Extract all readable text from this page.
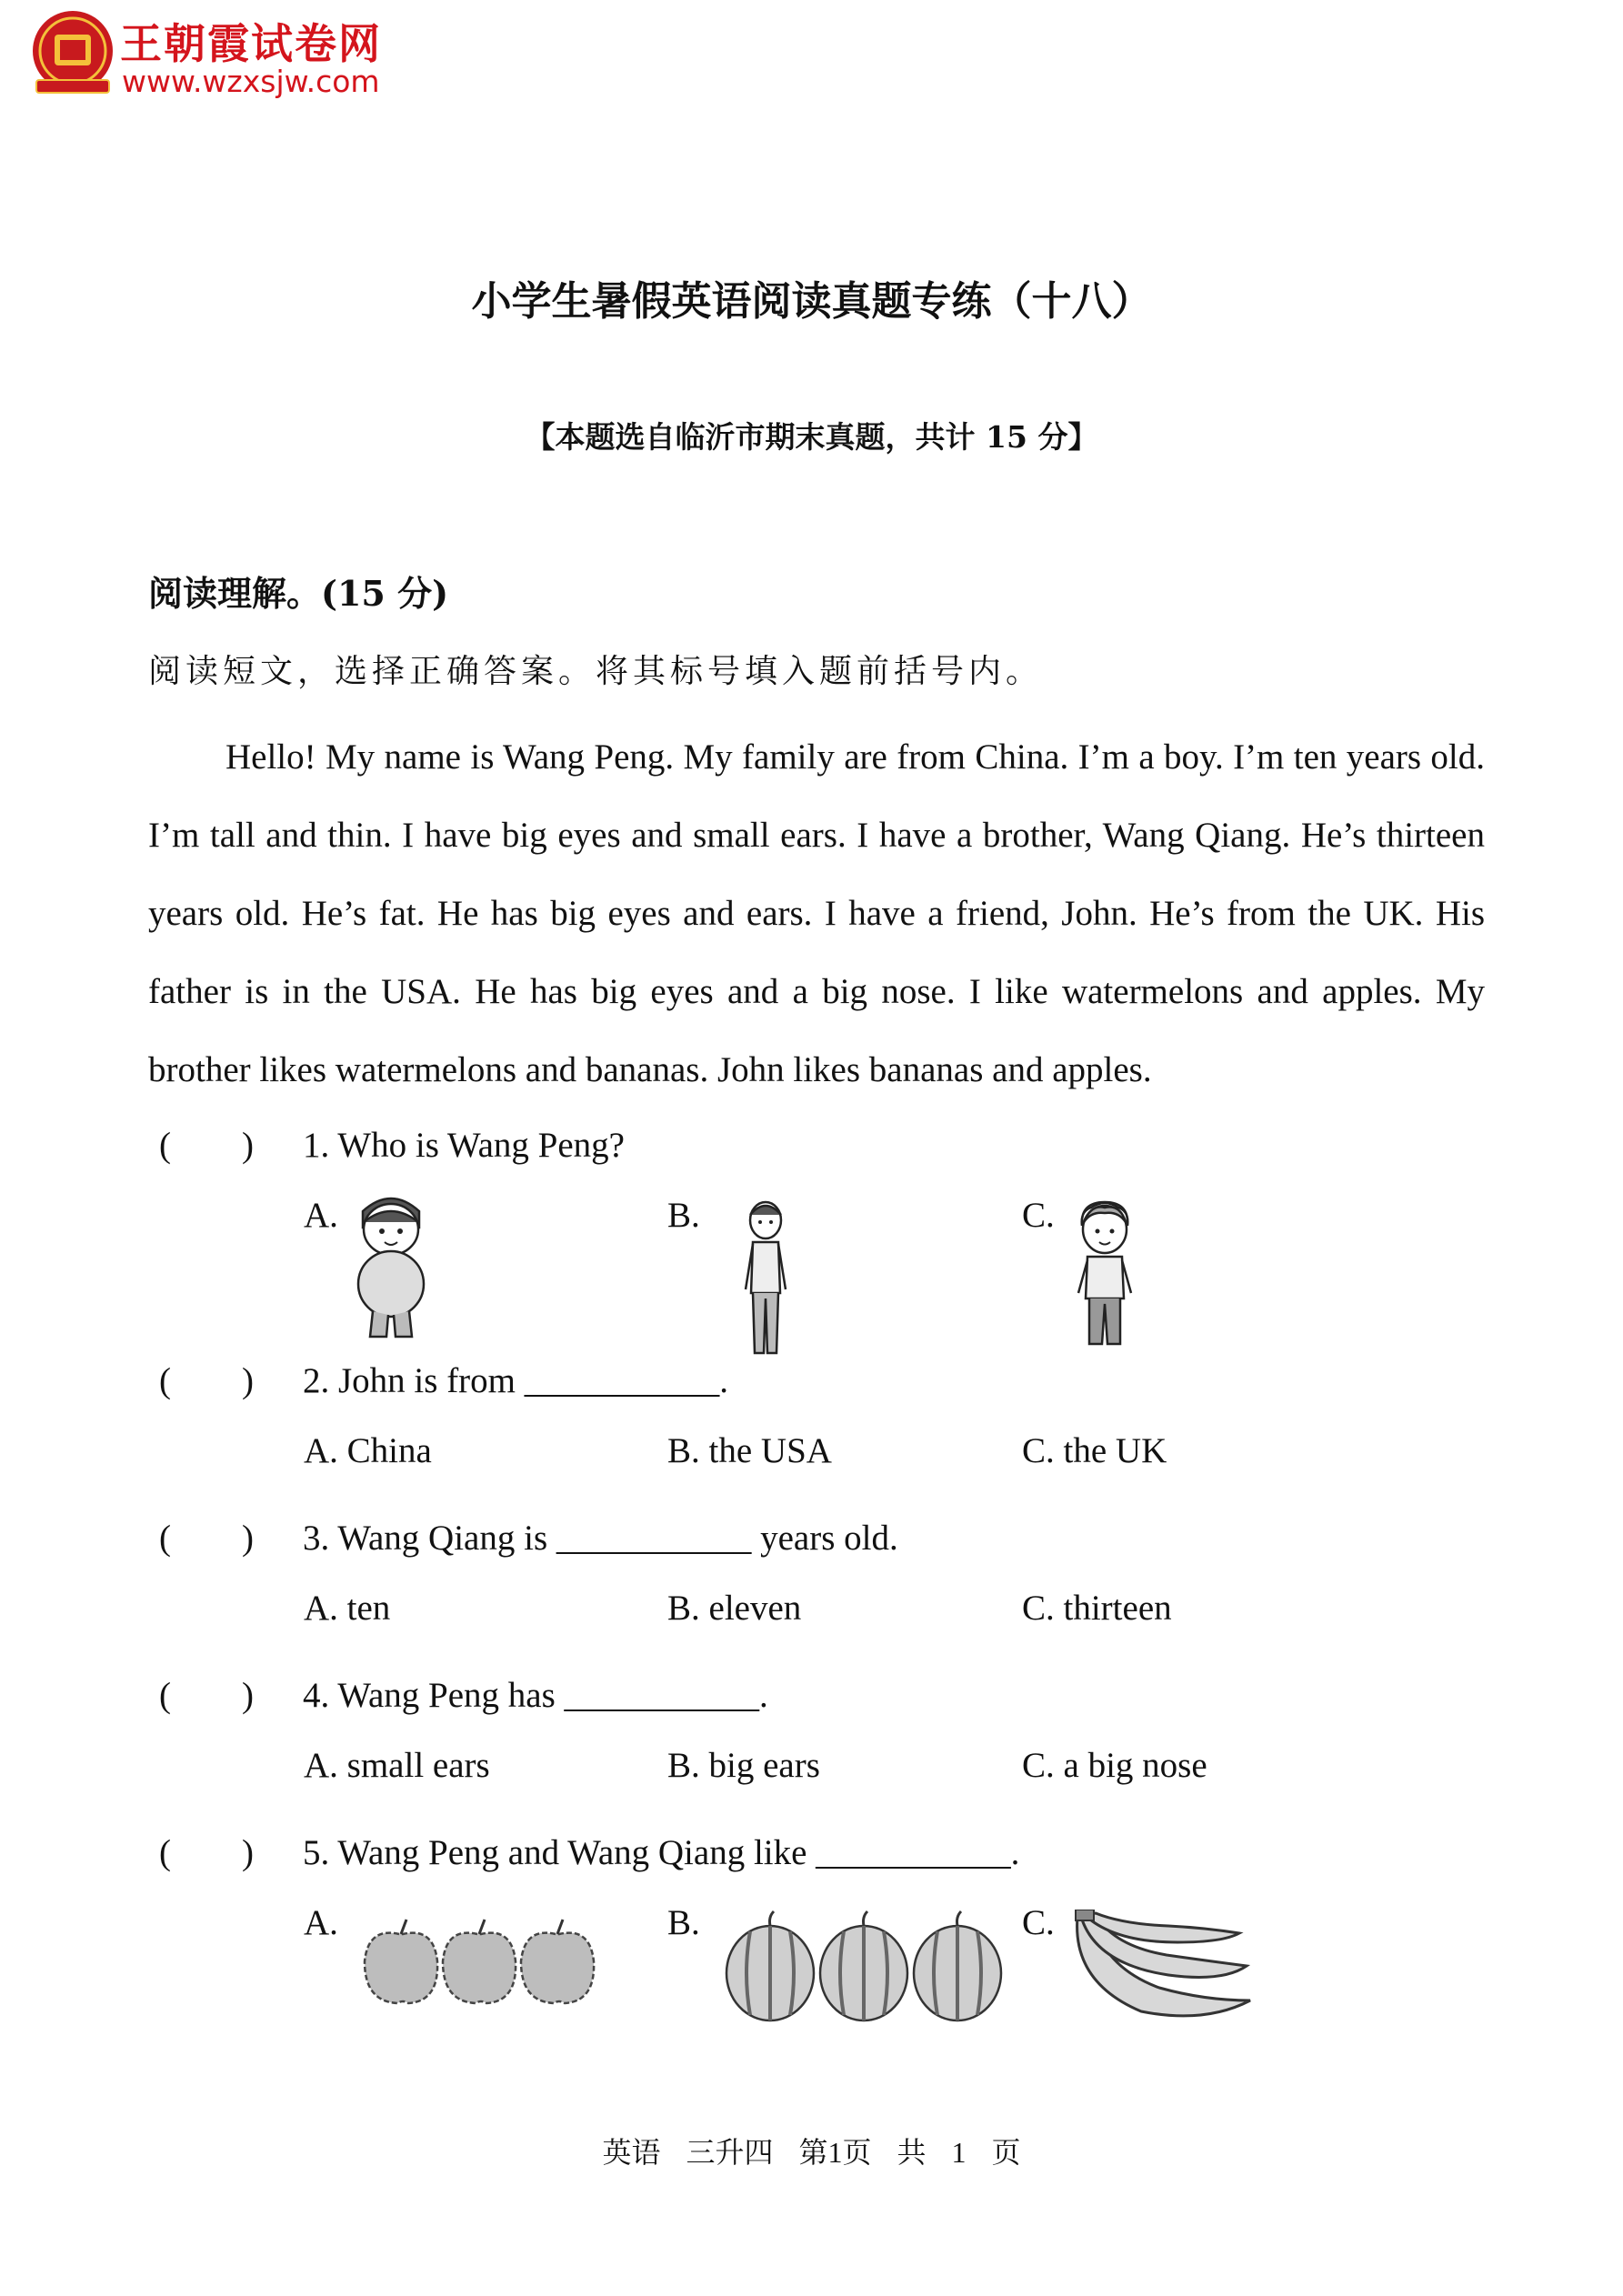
王朝霞试卷网
www.wzxsjw.com
小学生暑假英语阅读真题专练（十八）
【本题选自临沂市期末真题，共计 15 分】
阅读理解。(15 分)
阅读短文，选择正确答案。将其标号填入题前括号内。

Hello! My name is Wang Peng. My family are from China. I’m a boy. I’m ten years old. I’m tall and thin. I have big eyes and small ears. I have a brother, Wang Qiang. He’s thirteen years old. He’s fat. He has big eyes and ears. I have a friend, John. He’s from the UK. His father is in the USA. He has big eyes and a big nose. I like watermelons and apples. My brother likes watermelons and bananas. John likes bananas and apples.

(　　) 1. Who is Wang Peng?
A.	B.	C.
(　　) 2. John is from ___________.
A. China	B. the USA	C. the UK
(　　) 3. Wang Qiang is ___________ years old.
A. ten	B. eleven	C. thirteen
(　　) 4. Wang Peng has ___________.
A. small ears	B. big ears	C. a big nose
(　　) 5. Wang Peng and Wang Qiang like ___________.
A.	B.	C.
英语 三升四 第1页 共 1 页
